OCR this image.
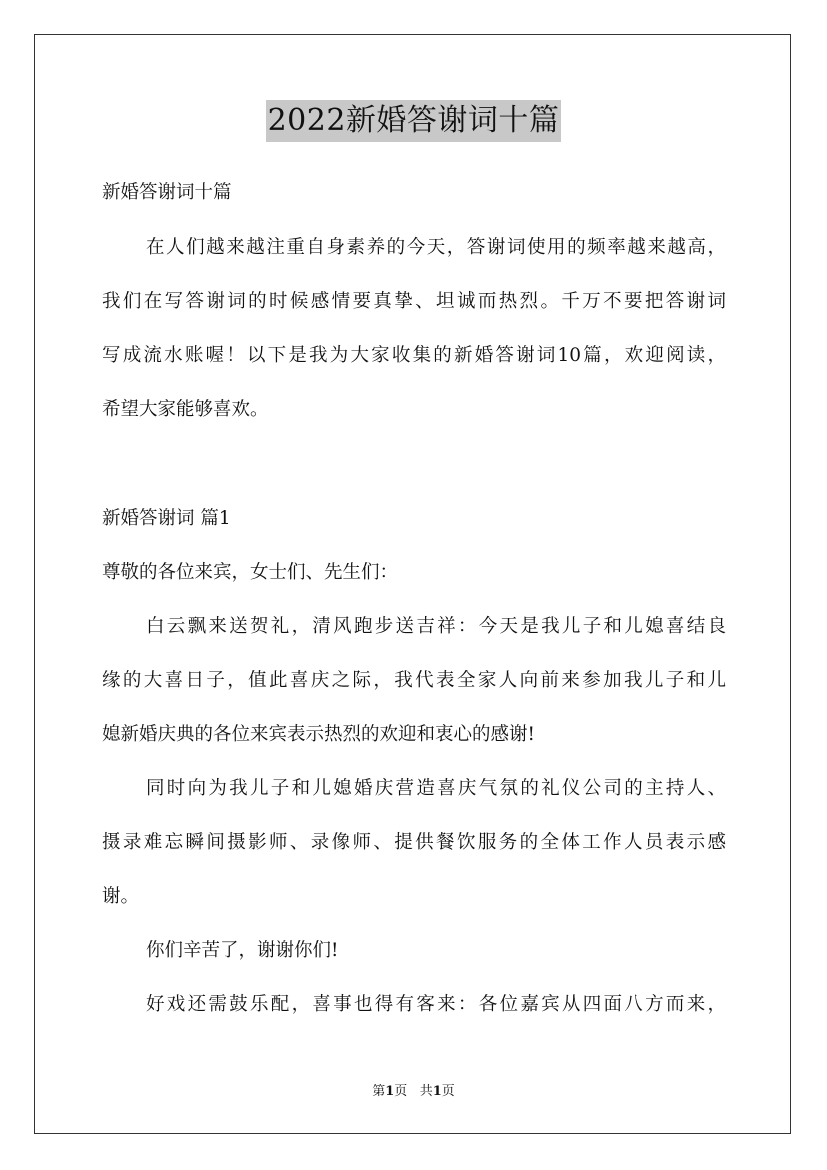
2022新婚答谢词十篇
新婚答谢词十篇
在人们越来越注重自身素养的今天，答谢词使用的频率越来越高，
我们在写答谢词的时候感情要真挚、坦诚而热烈。千万不要把答谢词
写成流水账喔！以下是我为大家收集的新婚答谢词10篇，欢迎阅读，
希望大家能够喜欢。
新婚答谢词 篇1
尊敬的各位来宾，女士们、先生们：
白云飘来送贺礼，清风跑步送吉祥：今天是我儿子和儿媳喜结良
缘的大喜日子，值此喜庆之际，我代表全家人向前来参加我儿子和儿
媳新婚庆典的各位来宾表示热烈的欢迎和衷心的感谢!
同时向为我儿子和儿媳婚庆营造喜庆气氛的礼仪公司的主持人、
摄录难忘瞬间摄影师、录像师、提供餐饮服务的全体工作人员表示感
谢。
你们辛苦了，谢谢你们!
好戏还需鼓乐配，喜事也得有客来：各位嘉宾从四面八方而来，
第1页 共1页
